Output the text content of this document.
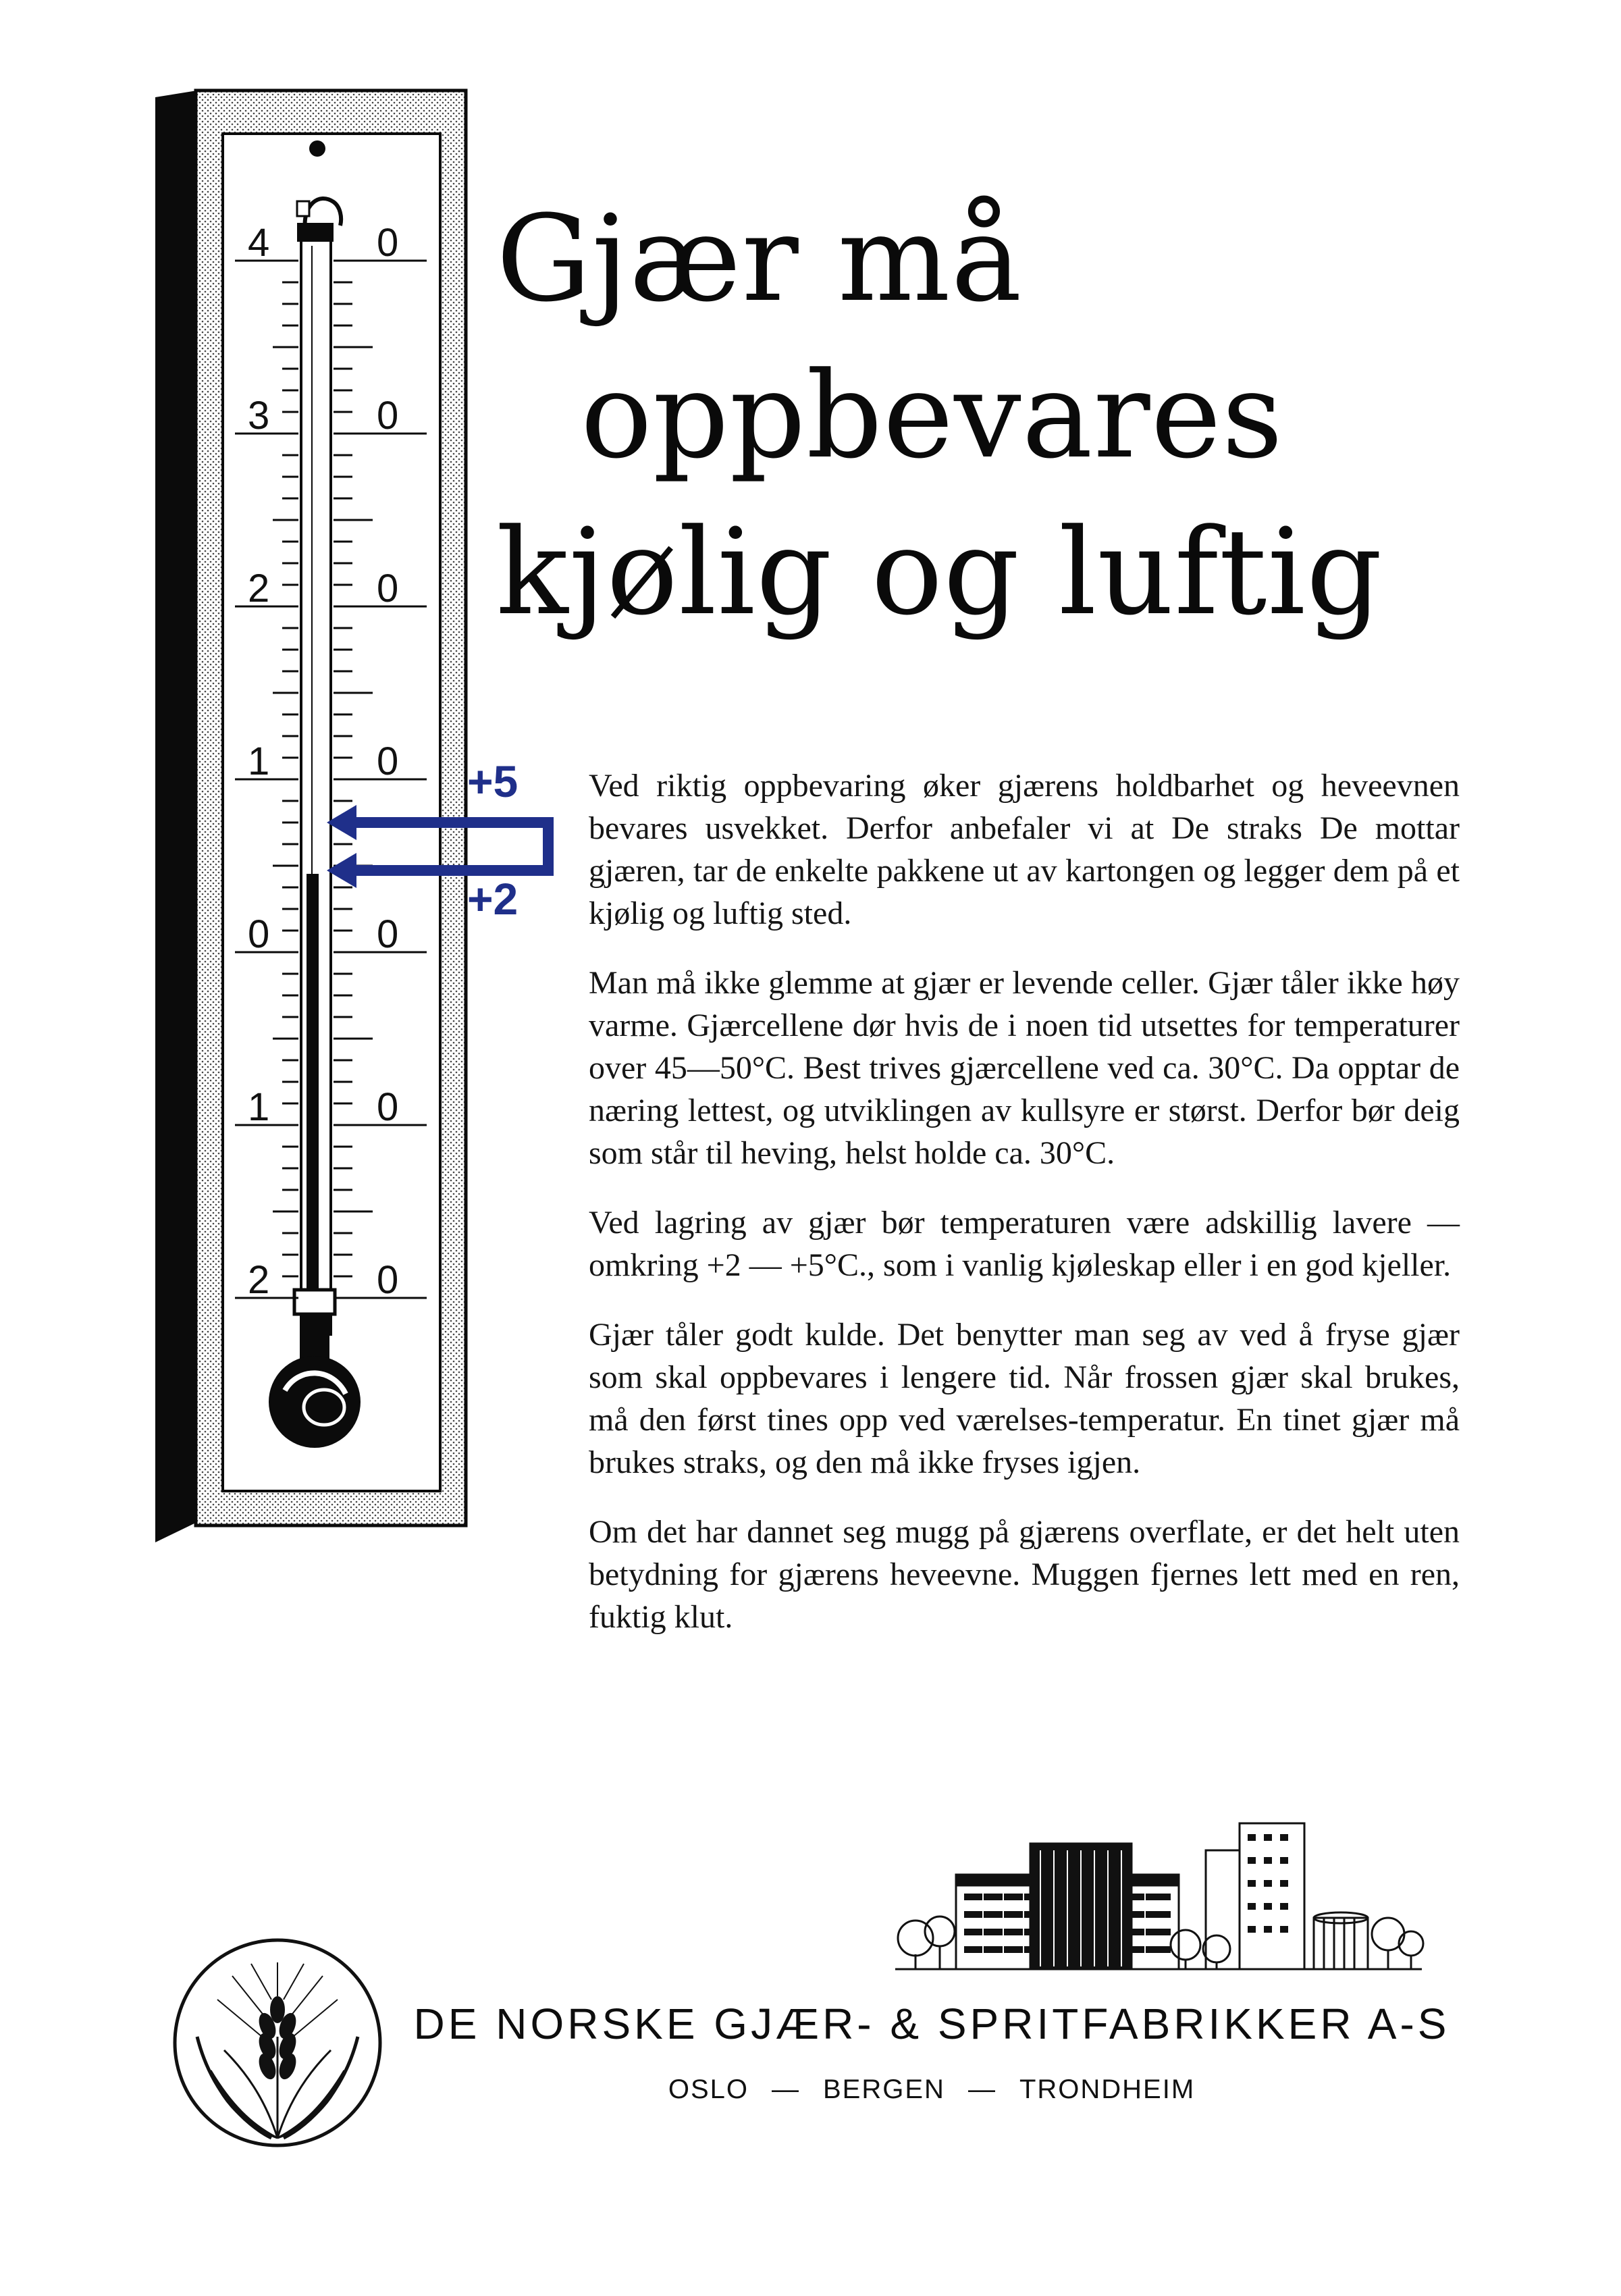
4
3
2
1
0
1
2
0
0
0
0
0
0
0
+5
+2
Gjær må
oppbevares
kjølig og luftig

Ved riktig oppbevaring øker gjærens holdbarhet og heveevnen bevares usvekket. Derfor anbefaler vi at De straks De mottar gjæren, tar de enkelte pakkene ut av kartongen og legger dem på et kjølig og luftig sted.

Man må ikke glemme at gjær er levende celler. Gjær tåler ikke høy varme. Gjærcellene dør hvis de i noen tid utsettes for temperaturer over 45—50°C. Best trives gjærcellene ved ca. 30°C. Da opptar de næring lettest, og utviklingen av kullsyre er størst. Derfor bør deig som står til heving, helst holde ca. 30°C.

Ved lagring av gjær bør temperaturen være adskillig lavere — omkring +2 — +5°C., som i vanlig kjøleskap eller i en god kjeller.

Gjær tåler godt kulde. Det benytter man seg av ved å fryse gjær som skal oppbevares i lengere tid. Når frossen gjær skal brukes, må den først tines opp ved værelses-temperatur. En tinet gjær må brukes straks, og den må ikke fryses igjen.

Om det har dannet seg mugg på gjærens overflate, er det helt uten betydning for gjærens heveevne. Muggen fjernes lett med en ren, fuktig klut.

DE NORSKE GJÆR- & SPRITFABRIKKER A-S
OSLO — BERGEN — TRONDHEIM
